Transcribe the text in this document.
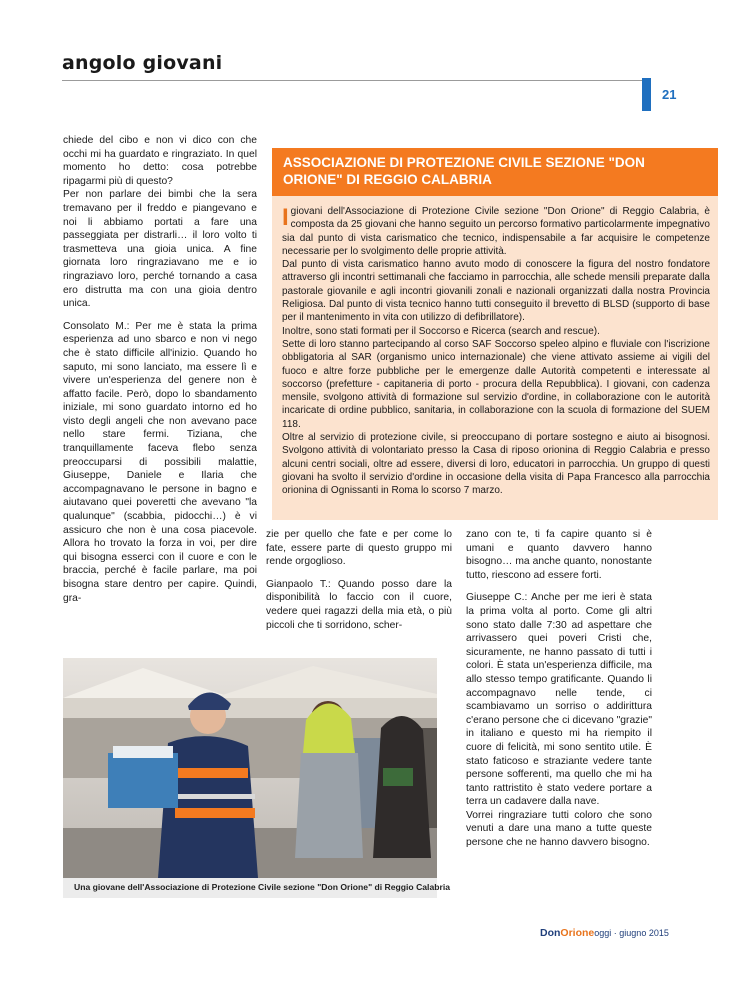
angolo giovani
21

chiede del cibo e non vi dico con che occhi mi ha guardato e ringraziato. In quel momento ho detto: cosa potrebbe ripagarmi più di questo?

Per non parlare dei bimbi che la sera tremavano per il freddo e piangevano e noi li abbiamo portati a fare una passeggiata per distrarli… il loro volto ti trasmetteva una gioia unica. A fine giornata loro ringraziavano me e io ringraziavo loro, perché tornando a casa ero distrutta ma con una gioia dentro unica.

Consolato M.: Per me è stata la prima esperienza ad uno sbarco e non vi nego che è stato difficile all'inizio. Quando ho saputo, mi sono lanciato, ma essere lì e vivere un'esperienza del genere non è affatto facile. Però, dopo lo sbandamento iniziale, mi sono guardato intorno ed ho visto degli angeli che non avevano pace nello stare fermi. Tiziana, che tranquillamente faceva flebo senza preoccuparsi di possibili malattie, Giuseppe, Daniele e Ilaria che accompagnavano le persone in bagno e aiutavano quei poveretti che avevano "la qualunque" (scabbia, pidocchi…) è vi assicuro che non è una cosa piacevole. Allora ho trovato la forza in voi, per dire qui bisogna esserci con il cuore e con le braccia, perché è facile parlare, ma poi bisogna stare dentro per capire. Quindi, gra-

ASSOCIAZIONE DI PROTEZIONE CIVILE SEZIONE "DON ORIONE" DI REGGIO CALABRIA

I giovani dell'Associazione di Protezione Civile sezione "Don Orione" di Reggio Calabria, è composta da 25 giovani che hanno seguito un percorso formativo particolarmente impegnativo sia dal punto di vista carismatico che tecnico, indispensabile a far acquisire le competenze necessarie per lo svolgimento delle proprie attività.

Dal punto di vista carismatico hanno avuto modo di conoscere la figura del nostro fondatore attraverso gli incontri settimanali che facciamo in parrocchia, alle schede mensili preparate dalla pastorale giovanile e agli incontri giovanili zonali e nazionali organizzati dalla nostra Provincia Religiosa. Dal punto di vista tecnico hanno tutti conseguito il brevetto di BLSD (supporto di base per il mantenimento in vita con utilizzo di defibrillatore).

Inoltre, sono stati formati per il Soccorso e Ricerca (search and rescue).

Sette di loro stanno partecipando al corso SAF Soccorso speleo alpino e fluviale con l'iscrizione obbligatoria al SAR (organismo unico internazionale) che viene attivato assieme ai vigili del fuoco e altre forze pubbliche per le emergenze dalle Autorità competenti e interessate al soccorso (prefetture - capitaneria di porto - procura della Repubblica). I giovani, con cadenza mensile, svolgono attività di formazione sul servizio d'ordine, in collaborazione con le autorità incaricate di ordine pubblico, sanitaria, in collaborazione con la scuola di formazione del SUEM 118.

Oltre al servizio di protezione civile, si preoccupano di portare sostegno e aiuto ai bisognosi. Svolgono attività di volontariato presso la Casa di riposo orionina di Reggio Calabria e presso alcuni centri sociali, oltre ad essere, diversi di loro, educatori in parrocchia. Un gruppo di questi giovani ha svolto il servizio d'ordine in occasione della visita di Papa Francesco alla parrocchia orionina di Ognissanti in Roma lo scorso 7 marzo.

zie per quello che fate e per come lo fate, essere parte di questo gruppo mi rende orgoglioso.

Gianpaolo T.: Quando posso dare la disponibilità lo faccio con il cuore, vedere quei ragazzi della mia età, o più piccoli che ti sorridono, scher-

zano con te, ti fa capire quanto si è umani e quanto davvero hanno bisogno… ma anche quanto, nonostante tutto, riescono ad essere forti.

Giuseppe C.: Anche per me ieri è stata la prima volta al porto. Come gli altri sono stato dalle 7:30 ad aspettare che arrivassero quei poveri Cristi che, sicuramente, ne hanno passato di tutti i colori. È stata un'esperienza difficile, ma allo stesso tempo gratificante. Quando li accompagnavo nelle tende, ci scambiavamo un sorriso o addirittura c'erano persone che ci dicevano "grazie" in italiano e questo mi ha riempito il cuore di felicità, mi sono sentito utile. È stato faticoso e straziante vedere tante persone sofferenti, ma quello che mi ha tanto rattristito è stato vedere portare a terra un cadavere dalla nave.

Vorrei ringraziare tutti coloro che sono venuti a dare una mano a tutte queste persone che ne hanno davvero bisogno.

Una giovane dell'Associazione di Protezione Civile sezione "Don Orione" di Reggio Calabria
DonOrioneoggi · giugno 2015
